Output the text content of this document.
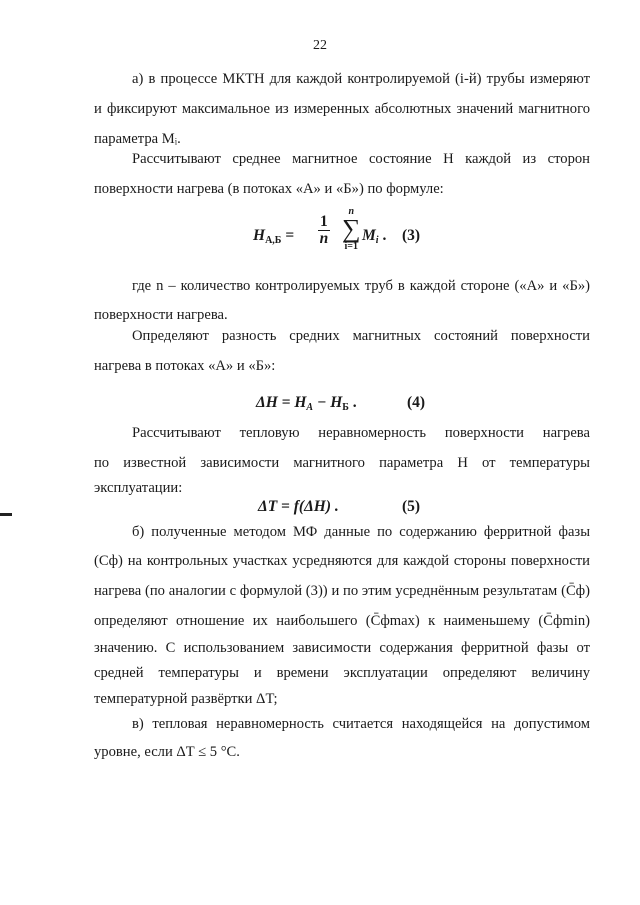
22
а) в процессе МКТН для каждой контролируемой (i-й) трубы измеряют
и фиксируют максимальное из измеренных абсолютных значений магнитного
параметра Mᵢ.
Рассчитывают среднее магнитное состояние H каждой из сторон
поверхности нагрева (в потоках «А» и «Б») по формуле:
где n – количество контролируемых труб в каждой стороне («А» и «Б»)
поверхности нагрева.
Определяют разность средних магнитных состояний поверхности
нагрева в потоках «А» и «Б»:
Рассчитывают тепловую неравномерность поверхности нагрева
по известной зависимости магнитного параметра H от температуры
эксплуатации:
б) полученные методом МФ данные по содержанию ферритной фазы
(Cф) на контрольных участках усредняются для каждой стороны поверхности
нагрева (по аналогии с формулой (3)) и по этим усреднённым результатам (C̄ф)
определяют отношение их наибольшего (C̄фmax) к наименьшему (C̄фmin)
значению. С использованием зависимости содержания ферритной фазы от
средней температуры и времени эксплуатации определяют величину
температурной развёртки ΔT;
в) тепловая неравномерность считается находящейся на допустимом
уровне, если ΔT ≤ 5 °C.
$H_{А,Б} = \frac{1}{n}$
n
∑
i=1
$M_i$ . (3)
$\Delta H = H_A - H_Б$ .	(4)
ΔT = f(ΔH) .	(5)
